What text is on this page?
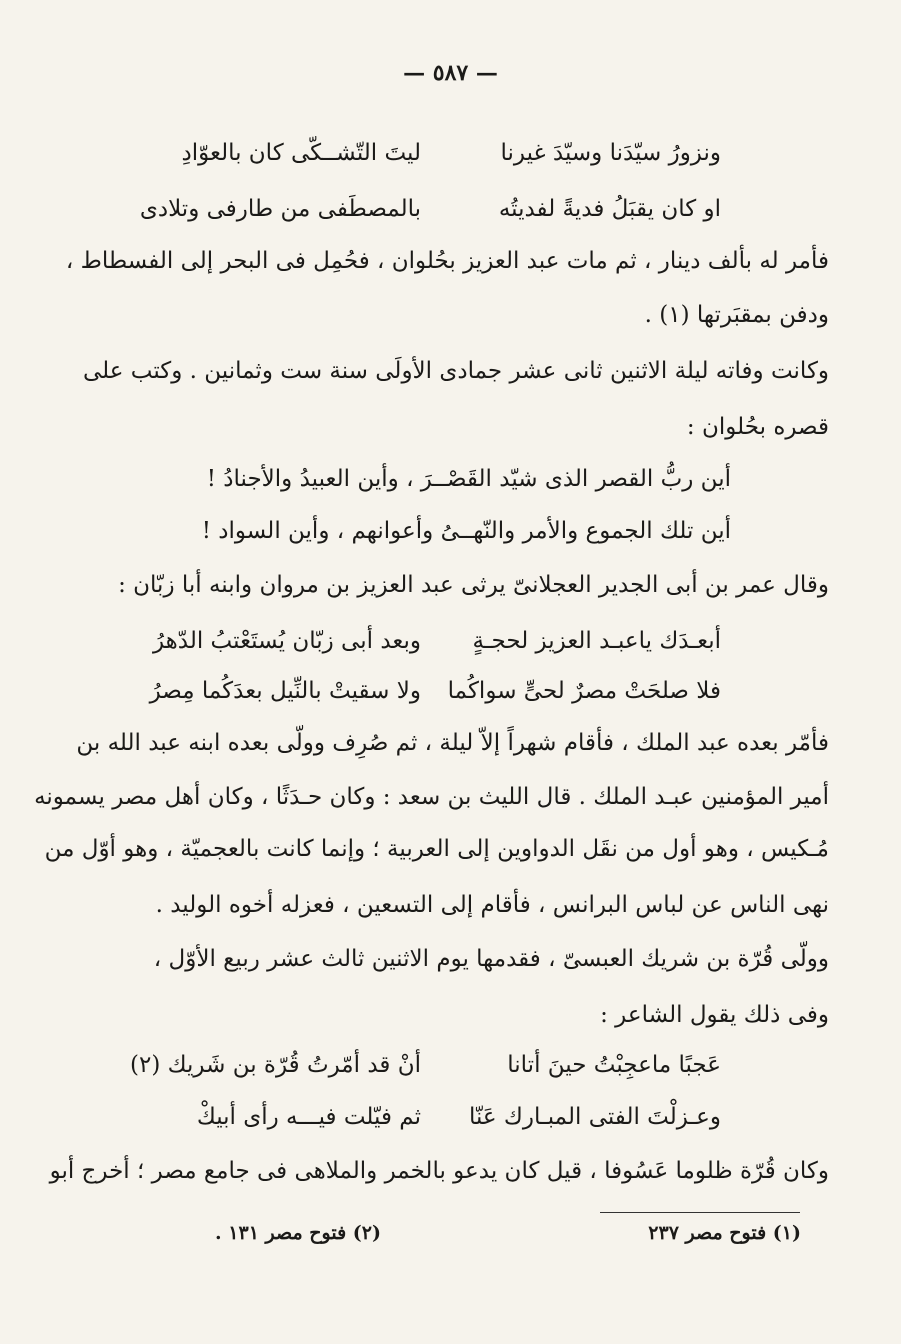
— ٥٨٧ —
ونزورُ سيّدَنا وسيّدَ غيرنا
ليتَ التّشــكّى كان بالعوّادِ
او كان يقبَلُ فديةً لفديتُه
بالمصطَفى من طارفى وتلادى
فأمر له بألف دينار ، ثم مات عبد العزيز بحُلوان ، فحُمِل فى البحر إلى الفسطاط ،
ودفن بمقبَرتها (١) .
وكانت وفاته ليلة الاثنين ثانى عشر جمادى الأولَى سنة ست وثمانين . وكتب على
قصره بحُلوان :
أين ربُّ القصر الذى شيّد القَصْــرَ ، وأين العبيدُ والأجنادُ !
أين تلك الجموع والأمر والنّهــىُ وأعوانهم ، وأين السواد !
وقال عمر بن أبى الجدير العجلانىّ يرثى عبد العزيز بن مروان وابنه أبا زبّان :
أبعـدَك ياعبـد العزيز لحجـةٍ
وبعد أبى زبّان يُستَعْتبُ الدّهرُ
فلا صلحَتْ مصرٌ لحىٍّ سواكُما
ولا سقيتْ بالنِّيل بعدَكُما مِصرُ
فأمّر بعده عبد الملك ، فأقام شهراً إلاّ ليلة ، ثم صُرِف وولّى بعده ابنه عبد الله بن
أمير المؤمنين عبـد الملك . قال الليث بن سعد : وكان حـدَثًا ، وكان أهل مصر يسمونه
مُـكيس ، وهو أول من نقَل الدواوين إلى العربية ؛ وإنما كانت بالعجميّة ، وهو أوّل من
نهى الناس عن لباس البرانس ، فأقام إلى التسعين ، فعزله أخوه الوليد .
وولّى قُرّة بن شريك العبسىّ ، فقدمها يوم الاثنين ثالث عشر ربيع الأوّل ،
وفى ذلك يقول الشاعر :
عَجبًا ماعجِبْتُ حينَ أتانا
أنْ قد أمّرتُ قُرّة بن شَريك (٢)
وعـزلْتَ الفتى المبـارك عَنّا
ثم فيّلت فيـــه رأى أبيكْ
وكان قُرّة ظلوما عَسُوفا ، قيل كان يدعو بالخمر والملاهى فى جامع مصر ؛ أخرج أبو
(١) فتوح مصر ٢٣٧
(٢) فتوح مصر ١٣١ .
